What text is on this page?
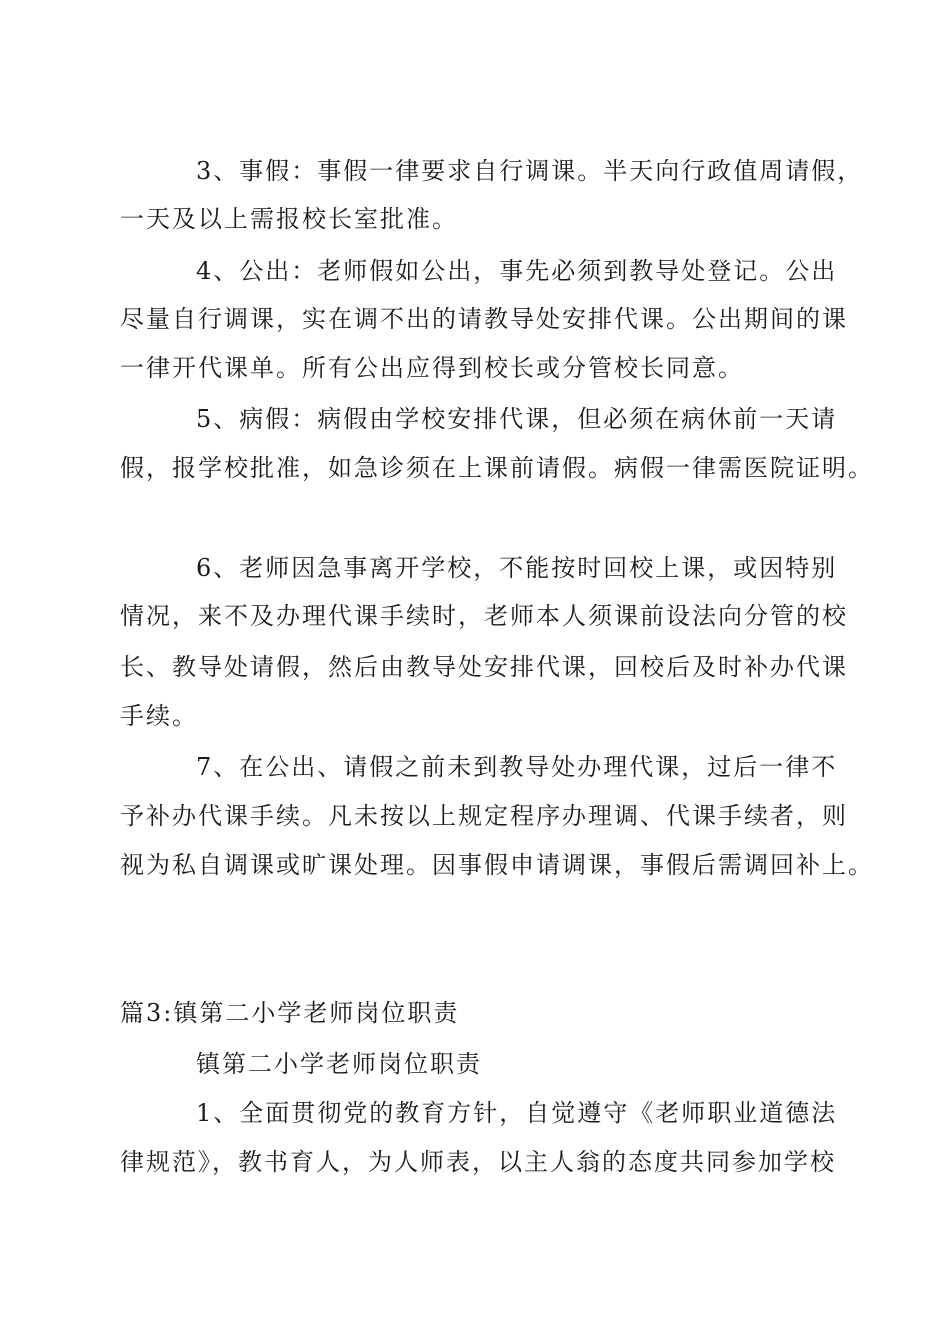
3、事假：事假一律要求自行调课。半天向行政值周请假，
一天及以上需报校长室批准。
4、公出：老师假如公出，事先必须到教导处登记。公出
尽量自行调课，实在调不出的请教导处安排代课。公出期间的课
一律开代课单。所有公出应得到校长或分管校长同意。
5、病假：病假由学校安排代课，但必须在病休前一天请
假，报学校批准，如急诊须在上课前请假。病假一律需医院证明。
6、老师因急事离开学校，不能按时回校上课，或因特别
情况，来不及办理代课手续时，老师本人须课前设法向分管的校
长、教导处请假，然后由教导处安排代课，回校后及时补办代课
手续。
7、在公出、请假之前未到教导处办理代课，过后一律不
予补办代课手续。凡未按以上规定程序办理调、代课手续者，则
视为私自调课或旷课处理。因事假申请调课，事假后需调回补上。
篇3:镇第二小学老师岗位职责
镇第二小学老师岗位职责
1、全面贯彻党的教育方针，自觉遵守《老师职业道德法
律规范》，教书育人，为人师表，以主人翁的态度共同参加学校
